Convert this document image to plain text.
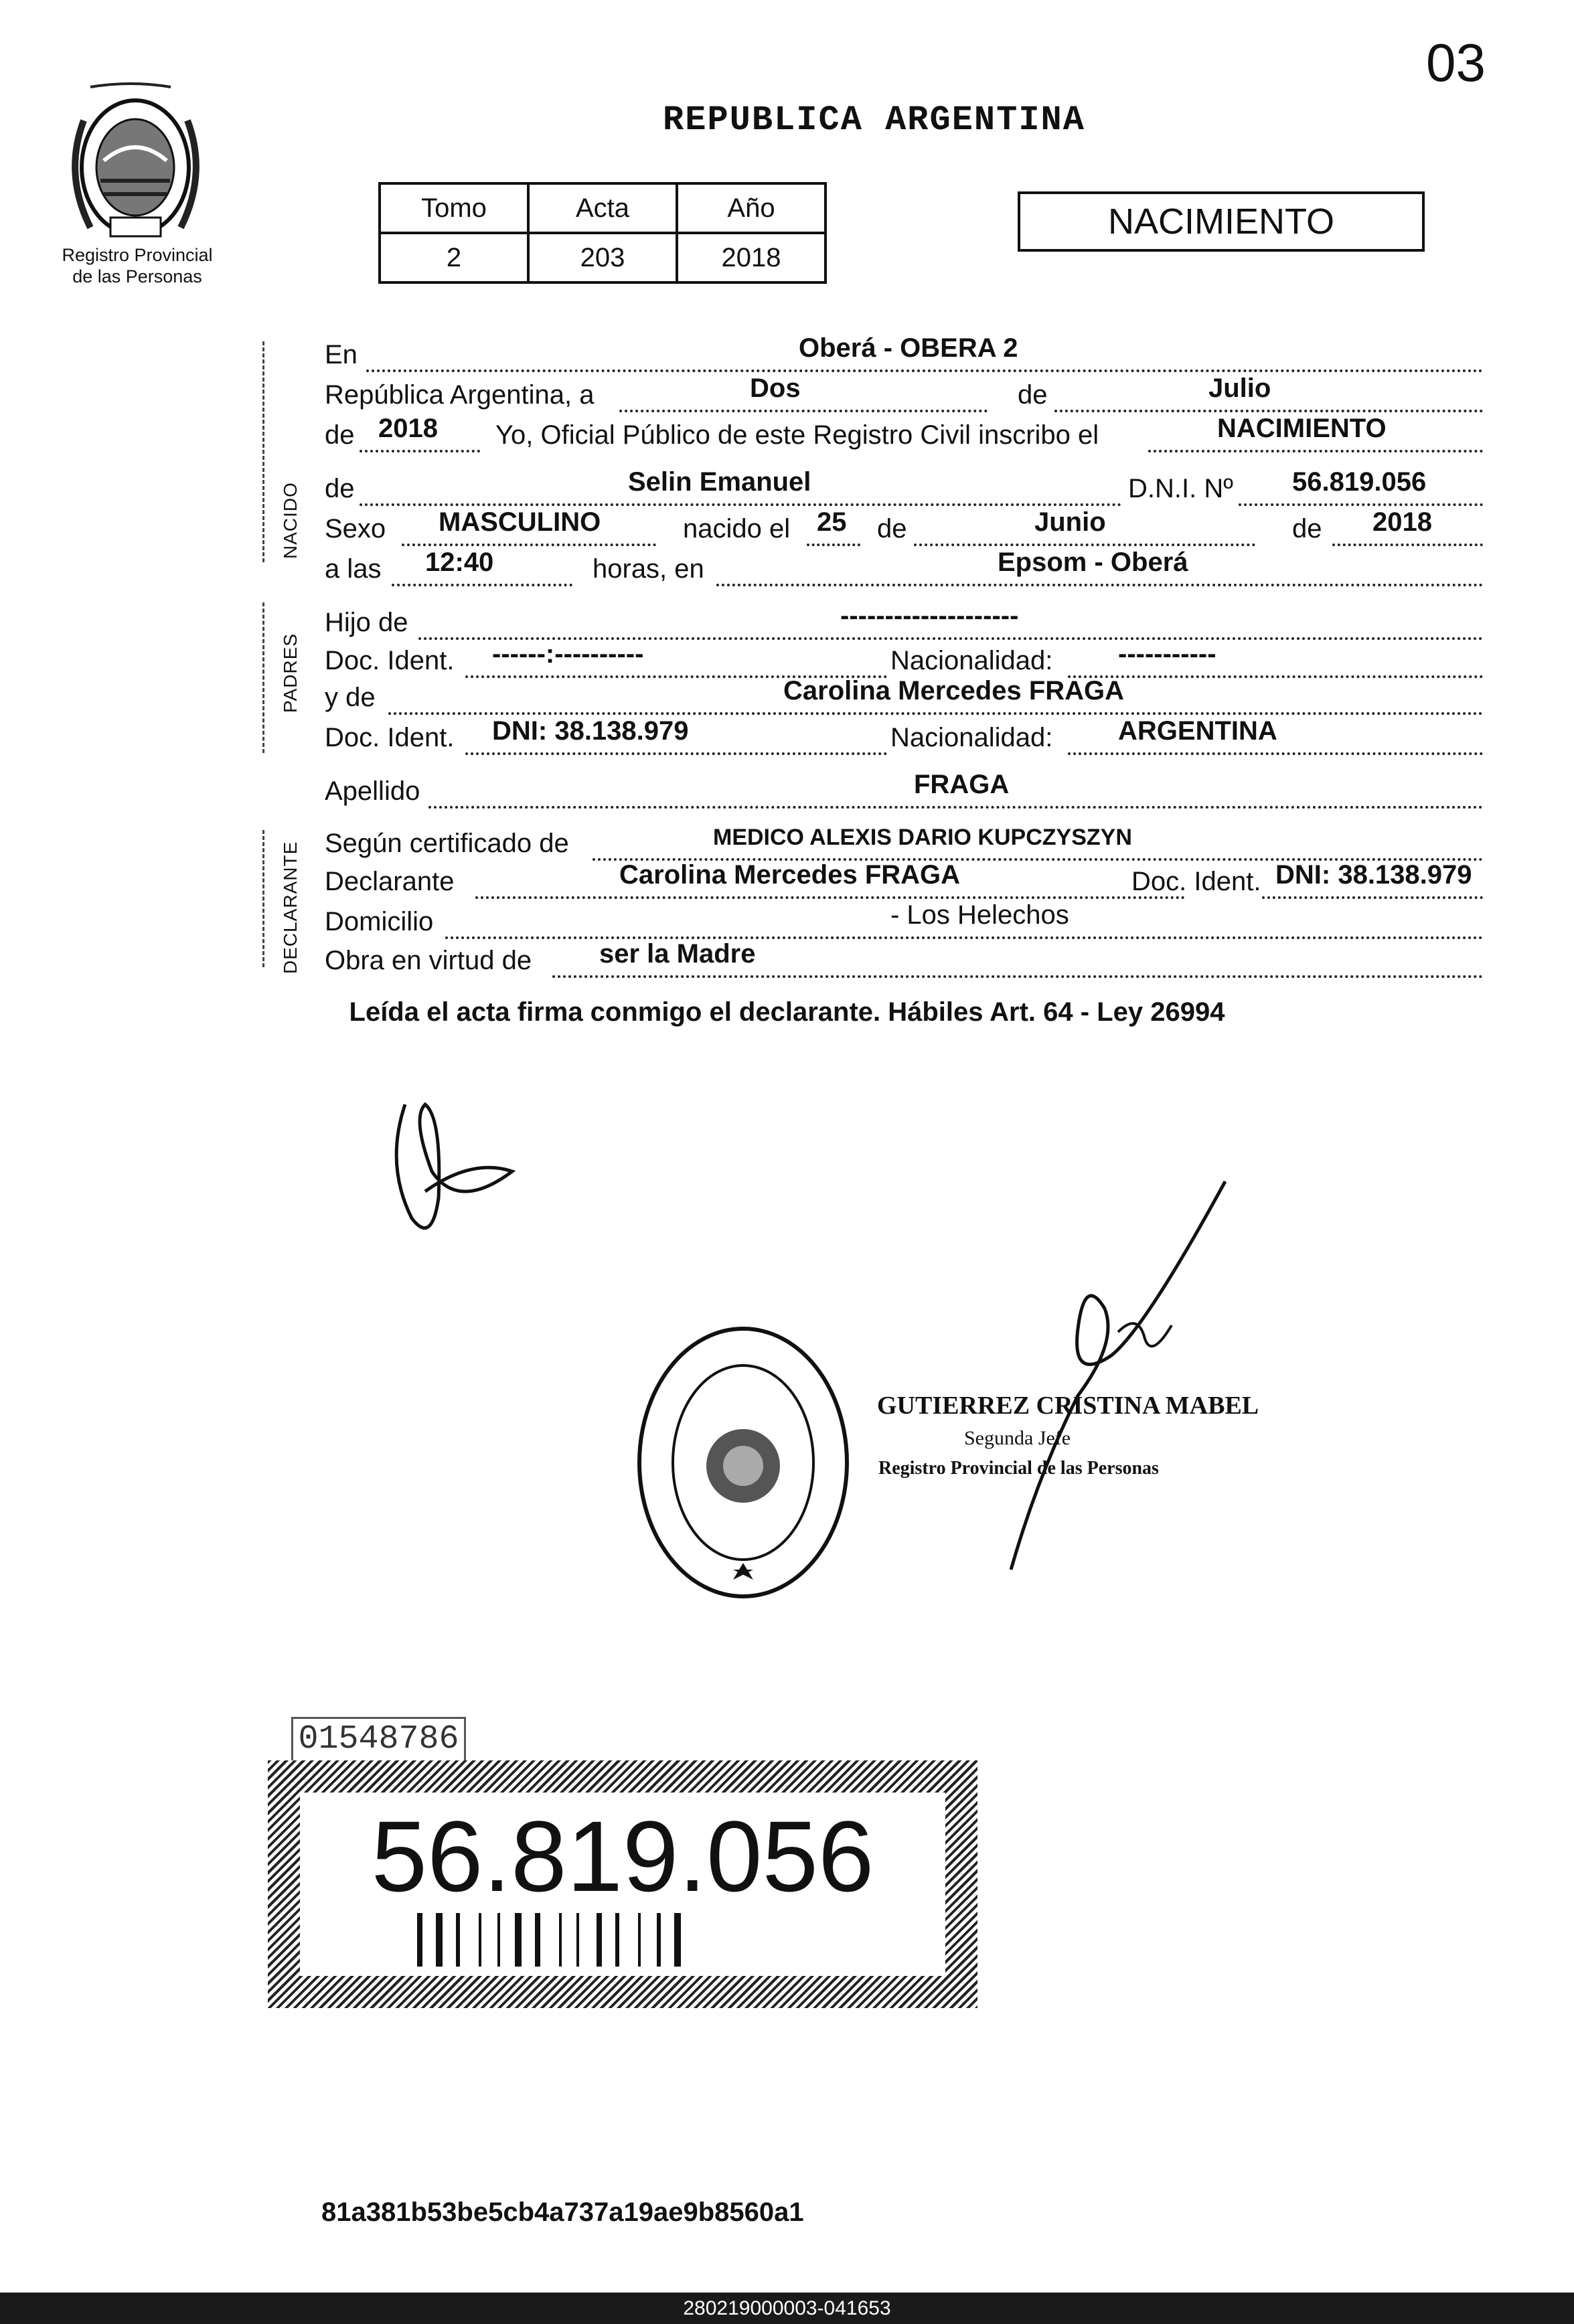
03
REPUBLICA ARGENTINA
Registro Provincial
de las Personas
Tomo	Acta	Año
2	203	2018
NACIMIENTO
NACIDO
PADRES
DECLARANTE
En	Oberá - OBERA 2
República Argentina, a	Dos	de	Julio
de 2018 Yo, Oficial Público de este Registro Civil inscribo el	NACIMIENTO
de	Selin Emanuel	D.N.I. Nº 56.819.056
Sexo MASCULINO	nacido el 25 de	Junio	de 2018
a las 12:40	horas, en	Epsom - Oberá
Hijo de	--------------------
Doc. Ident. ------:----------	Nacionalidad: -----------
y de	Carolina Mercedes FRAGA
Doc. Ident. DNI: 38.138.979	Nacionalidad: ARGENTINA
Apellido	FRAGA
Según certificado de	MEDICO ALEXIS DARIO KUPCZYSZYN
Declarante	Carolina Mercedes FRAGA	Doc. Ident. DNI: 38.138.979
Domicilio	- Los Helechos
Obra en virtud de	ser la Madre
Leída el acta firma conmigo el declarante. Hábiles Art. 64 - Ley 26994
GUTIERREZ CRISTINA MABEL
Segunda Jefe
Registro Provincial de las Personas
01548786
56.819.056
81a381b53be5cb4a737a19ae9b8560a1
280219000003-041653
